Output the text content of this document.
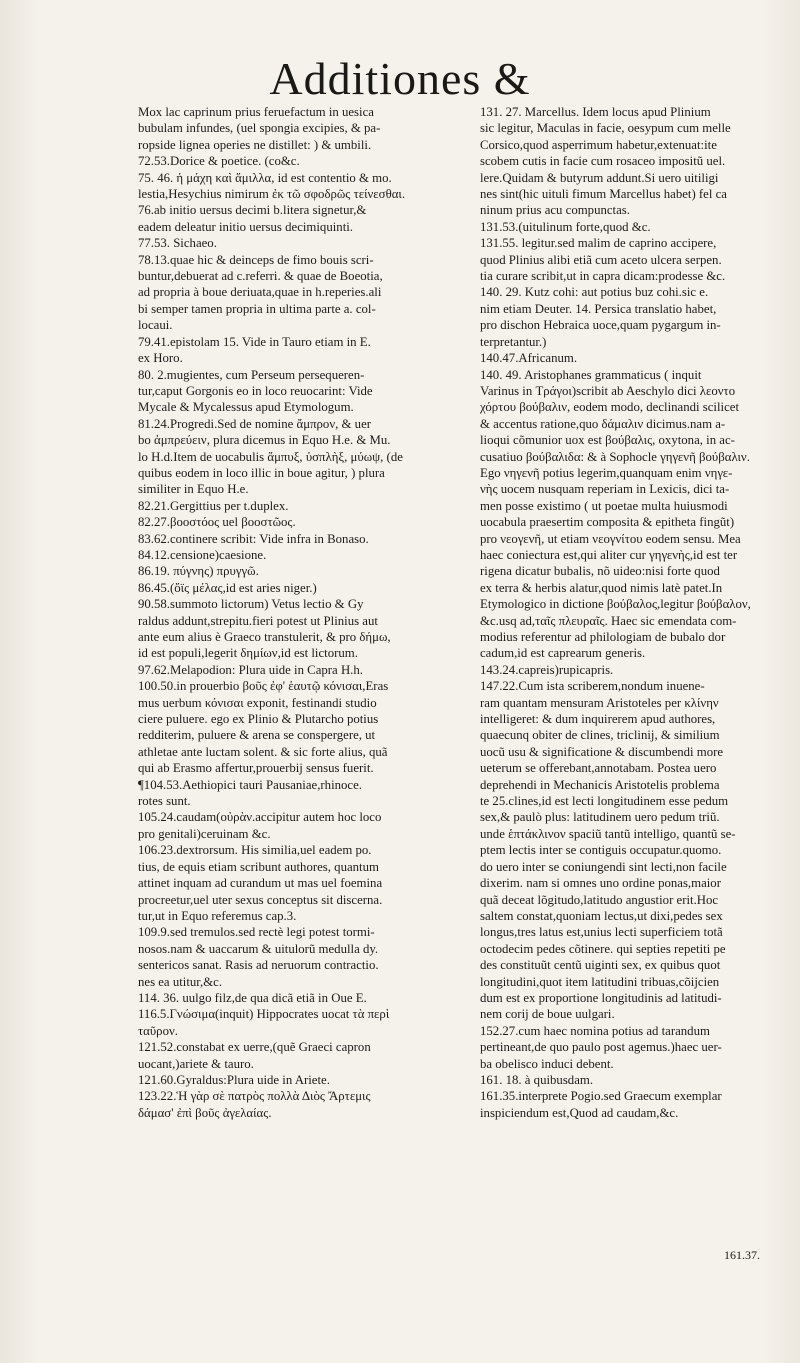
Additiones &
Mox lac caprinum prius feruefactum in uesica
bubulam infundes, (uel spongia excipies, & pa-
ropside lignea operies ne distillet: ) & umbili.
72.53.Dorice & poetice. (co&c.
75. 46. ἡ μάχη καὶ ἅμιλλα, id est contentio & mo.
lestia,Hesychius nimirum ἐκ τῶ σφοδρῶς τείνεσθαι.
76.ab initio uersus decimi b.litera signetur,&
eadem deleatur initio uersus decimiquinti.
77.53. Sichaeo.
78.13.quae hic & deinceps de fimo bouis scri-
buntur,debuerat ad c.referri. & quae de Boeotia,
ad propria à boue deriuata,quae in h.reperies.ali
bi semper tamen propria in ultima parte a. col-
locaui.
79.41.epistolam 15. Vide in Tauro etiam in E.
ex Horo.
80. 2.mugientes, cum Perseum persequeren-
tur,caput Gorgonis eo in loco reuocarint: Vide
Mycale & Mycalessus apud Etymologum.
81.24.Progredi.Sed de nomine ἄμπρον, & uer
bo ἀμπρεύειν, plura dicemus in Equo H.e. & Mu.
lo H.d.Item de uocabulis ἄμπυξ, ὑσπλὴξ, μύωψ, (de
quibus eodem in loco illic in boue agitur, ) plura
similiter in Equo H.e.
82.21.Gergittius per t.duplex.
82.27.βοοστόος uel βοοστῶος.
83.62.continere scribit: Vide infra in Bonaso.
84.12.censione)caesione.
86.19. πύγνης) πρυγγῶ.
86.45.(ὄϊς μέλας,id est aries niger.)
90.58.summoto lictorum) Vetus lectio & Gy
raldus addunt,strepitu.fieri potest ut Plinius aut
ante eum alius è Graeco transtulerit, & pro δήμω,
id est populi,legerit δημίων,id est lictorum.
97.62.Melapodion: Plura uide in Capra H.h.
100.50.in prouerbio βοῦς ἐφ' ἑαυτῷ κόνισαι,Eras
mus uerbum κόνισαι exponit, festinandi studio
ciere puluere. ego ex Plinio & Plutarcho potius
redditerim, puluere & arena se conspergere, ut
athletae ante luctam solent. & sic forte alius, quã
qui ab Erasmo affertur,prouerbij sensus fuerit.
¶104.53.Aethiopici tauri Pausaniae,rhinoce.
rotes sunt.
105.24.caudam(οὐρὰν.accipitur autem hoc loco
pro genitali)ceruinam &c.
106.23.dextrorsum. His similia,uel eadem po.
tius, de equis etiam scribunt authores, quantum
attinet inquam ad curandum ut mas uel foemina
procreetur,uel uter sexus conceptus sit discerna.
tur,ut in Equo referemus cap.3.
109.9.sed tremulos.sed rectè legi potest tormi-
nosos.nam & uaccarum & uitulorũ medulla dy.
sentericos sanat. Rasis ad neruorum contractio.
nes ea utitur,&c.
114. 36. uulgo filz,de qua dicã etiã in Oue E.
116.5.Γνώσιμα(inquit) Hippocrates uocat τὰ περὶ
ταῦρον.
121.52.constabat ex uerre,(quẽ Graeci capron
uocant,)ariete & tauro.
121.60.Gyraldus:Plura uide in Ariete.
123.22.Ἡ γὰρ σὲ πατρὸς πολλὰ Διὸς Ἄρτεμις
δάμασ' ἐπὶ βοῦς ἀγελαίας.
131. 27. Marcellus. Idem locus apud Plinium
sic legitur, Maculas in facie, oesypum cum melle
Corsico,quod asperrimum habetur,extenuat:ite
scobem cutis in facie cum rosaceo impositũ uel.
lere.Quidam & butyrum addunt.Si uero uitiligi
nes sint(hic uituli fimum Marcellus habet) fel ca
ninum prius acu compunctas.
131.53.(uitulinum forte,quod &c.
131.55. legitur.sed malim de caprino accipere,
quod Plinius alibi etiã cum aceto ulcera serpen.
tia curare scribit,ut in capra dicam:prodesse &c.
140. 29. Kutz cohi: aut potius buz cohi.sic e.
nim etiam Deuter. 14. Persica translatio habet,
pro dischon Hebraica uoce,quam pygargum in-
terpretantur.)
140.47.Africanum.
140. 49. Aristophanes grammaticus ( inquit
Varinus in Τράγοι)scribit ab Aeschylo dici λεοντο
χόρτου βούβαλιν, eodem modo, declinandi scilicet
& accentus ratione,quo δάμαλιν dicimus.nam a-
lioqui cõmunior uox est βούβαλις, oxytona, in ac-
cusatiuo βούβαλιδα: & à Sophocle γηγενῆ βούβαλιν.
Ego νηγενῆ potius legerim,quanquam enim νηγε-
νὴς uocem nusquam reperiam in Lexicis, dici ta-
men posse existimo ( ut poetae multa huiusmodi
uocabula praesertim composita & epitheta fingũt)
pro νεογενῆ, ut etiam νεογνίτου eodem sensu. Mea
haec coniectura est,qui aliter cur γηγενὴς,id est ter
rigena dicatur bubalis, nõ uideo:nisi forte quod
ex terra & herbis alatur,quod nimis latè patet.In
Etymologico in dictione βούβαλος,legitur βούβαλον,
&c.usq ad,ταῖς πλευραῖς. Haec sic emendata com-
modius referentur ad philologiam de bubalo dor
cadum,id est caprearum generis.
143.24.capreis)rupicapris.
147.22.Cum ista scriberem,nondum inuene-
ram quantam mensuram Aristoteles per κλίνην
intelligeret: & dum inquirerem apud authores,
quaecunq obiter de clines, triclinij, & similium
uocũ usu & significatione & discumbendi more
ueterum se offerebant,annotabam. Postea uero
deprehendi in Mechanicis Aristotelis problema
te 25.clines,id est lecti longitudinem esse pedum
sex,& paulò plus: latitudinem uero pedum triũ.
unde ἑπτάκλινον spaciũ tantũ intelligo, quantũ se-
ptem lectis inter se contiguis occupatur.quomo.
do uero inter se coniungendi sint lecti,non facile
dixerim. nam si omnes uno ordine ponas,maior
quã deceat lõgitudo,latitudo angustior erit.Hoc
saltem constat,quoniam lectus,ut dixi,pedes sex
longus,tres latus est,unius lecti superficiem totã
octodecim pedes cõtinere. qui septies repetiti pe
des constituũt centũ uiginti sex, ex quibus quot
longitudini,quot item latitudini tribuas,cõijcien
dum est ex proportione longitudinis ad latitudi-
nem corij de boue uulgari.
152.27.cum haec nomina potius ad tarandum
pertineant,de quo paulo post agemus.)haec uer-
ba obelisco induci debent.
161. 18. à quibusdam.
161.35.interprete Pogio.sed Graecum exemplar
inspiciendum est,Quod ad caudam,&c.
161.37.
